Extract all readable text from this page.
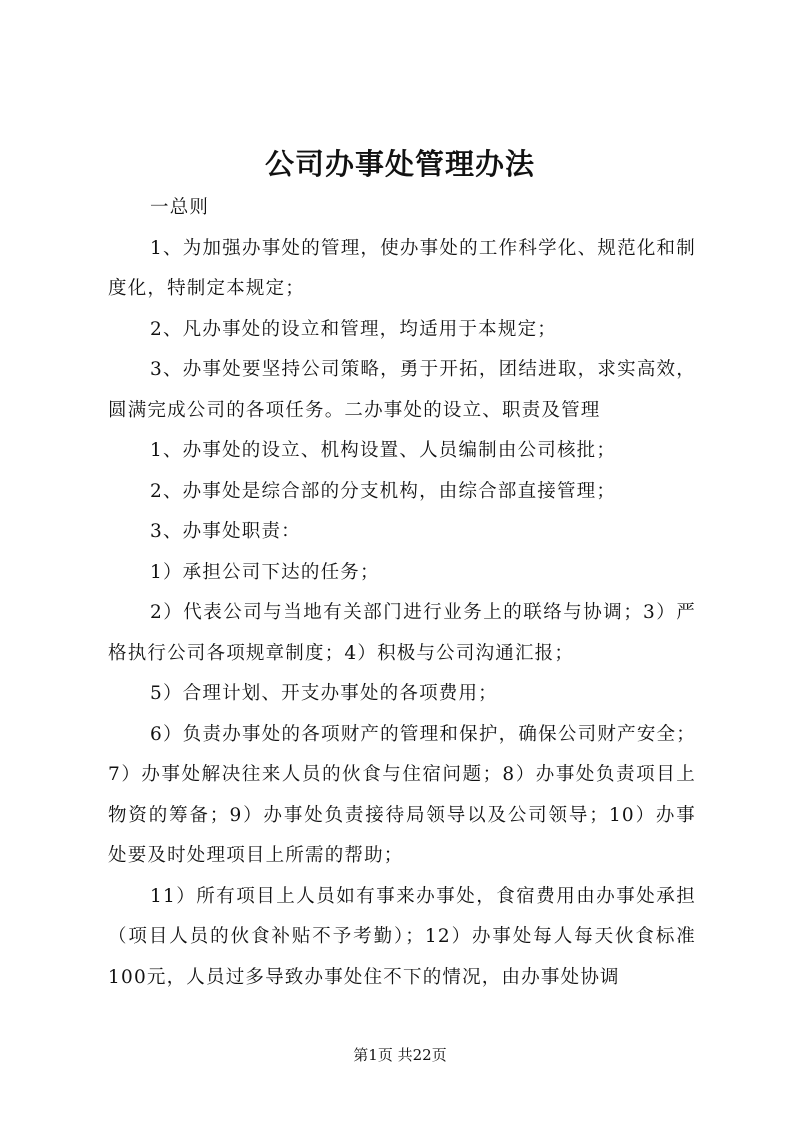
公司办事处管理办法

一总则

1、为加强办事处的管理，使办事处的工作科学化、规范化和制度化，特制定本规定；

2、凡办事处的设立和管理，均适用于本规定；

3、办事处要坚持公司策略，勇于开拓，团结进取，求实高效，圆满完成公司的各项任务。二办事处的设立、职责及管理

1、办事处的设立、机构设置、人员编制由公司核批；

2、办事处是综合部的分支机构，由综合部直接管理；

3、办事处职责：

1）承担公司下达的任务；

2）代表公司与当地有关部门进行业务上的联络与协调；3）严格执行公司各项规章制度；4）积极与公司沟通汇报；

5）合理计划、开支办事处的各项费用；

6）负责办事处的各项财产的管理和保护，确保公司财产安全；7）办事处解决往来人员的伙食与住宿问题；8）办事处负责项目上物资的筹备；9）办事处负责接待局领导以及公司领导；10）办事处要及时处理项目上所需的帮助；

11）所有项目上人员如有事来办事处，食宿费用由办事处承担（项目人员的伙食补贴不予考勤）；12）办事处每人每天伙食标准100元，人员过多导致办事处住不下的情况，由办事处协调

第1页 共22页
